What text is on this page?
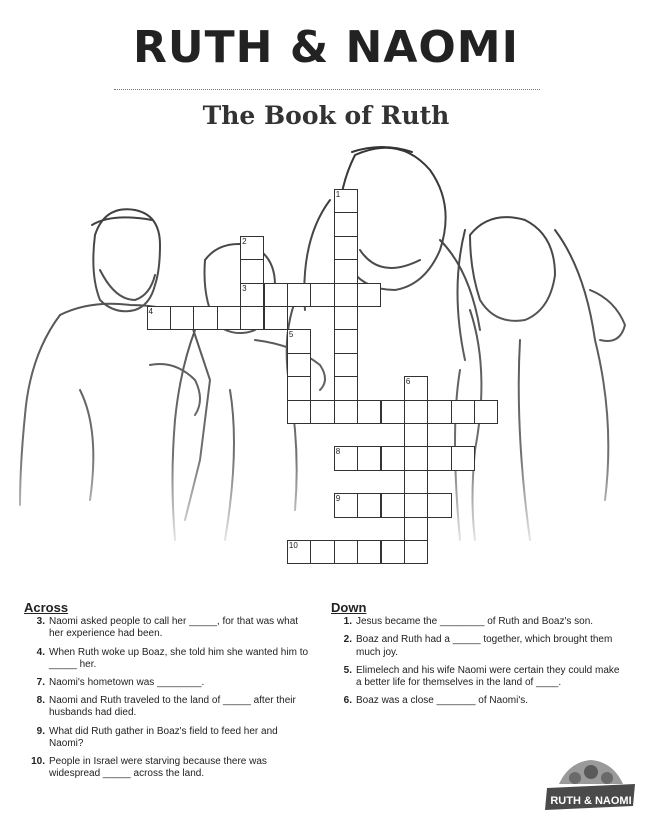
RUTH & NAOMI
The Book of Ruth
1
2
3
4
5
6
8
9
10
Across
3. Naomi asked people to call her _____, for that was what her experience had been.
4. When Ruth woke up Boaz, she told him she wanted him to _____ her.
7. Naomi's hometown was ________.
8. Naomi and Ruth traveled to the land of _____ after their husbands had died.
9. What did Ruth gather in Boaz's field to feed her and Naomi?
10. People in Israel were starving because there was widespread _____ across the land.
Down
1. Jesus became the ________ of Ruth and Boaz's son.
2. Boaz and Ruth had a _____ together, which brought them much joy.
5. Elimelech and his wife Naomi were certain they could make a better life for themselves in the land of ____.
6. Boaz was a close _______ of Naomi's.
RUTH & NAOMI
